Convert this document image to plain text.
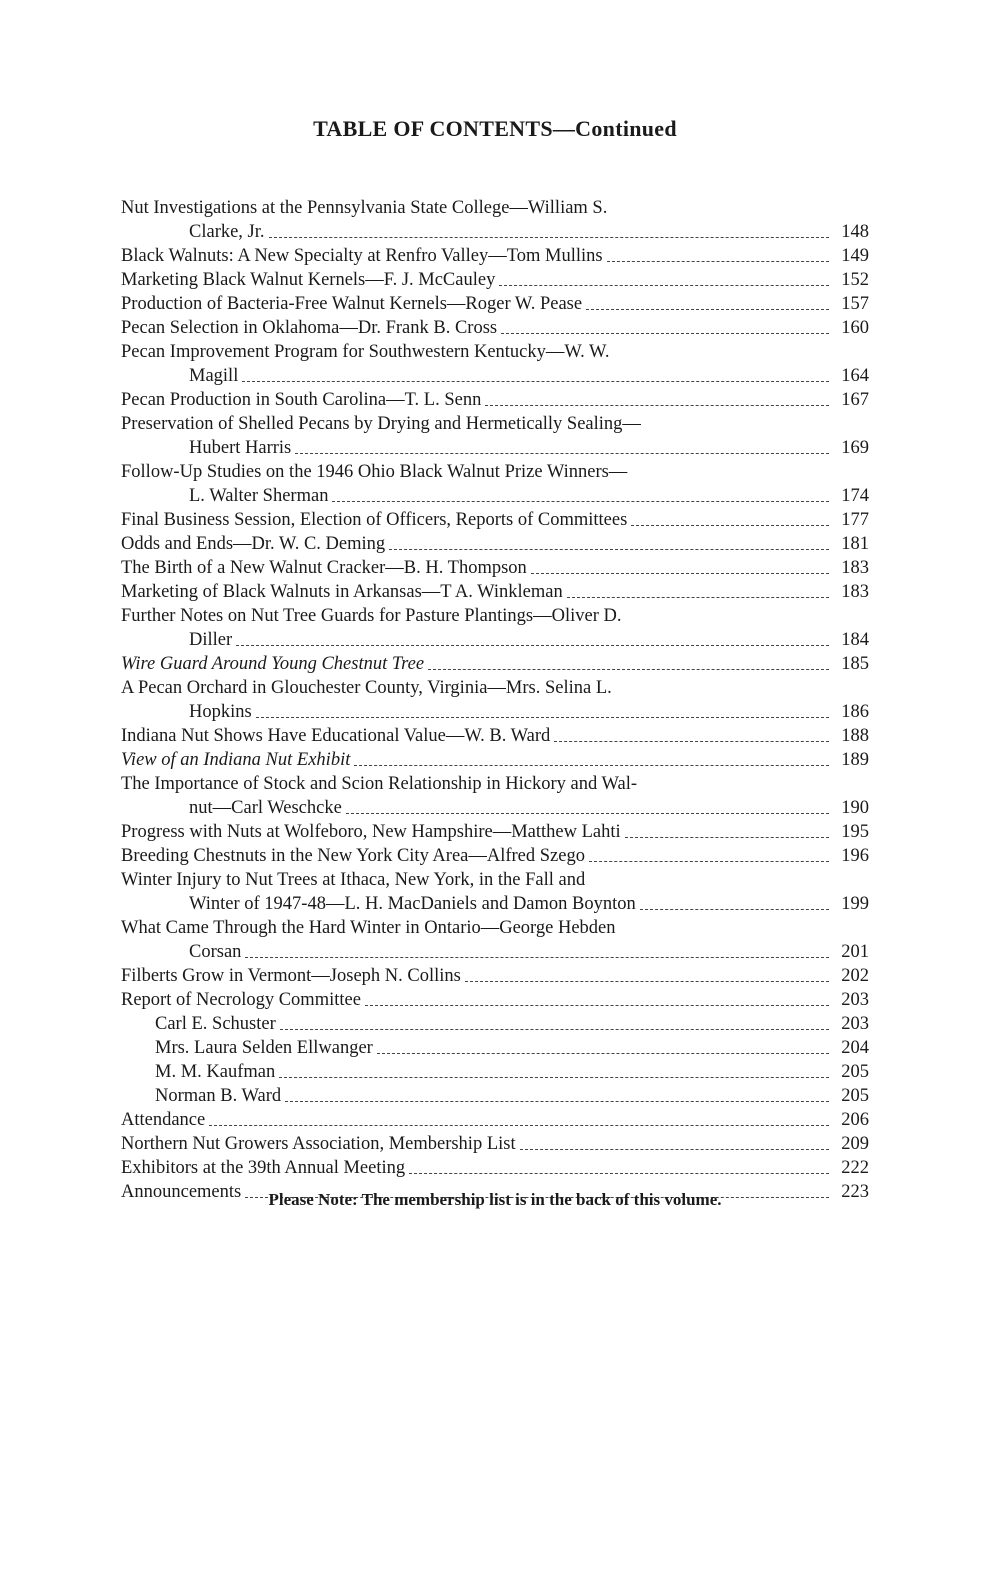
TABLE OF CONTENTS—Continued
Nut Investigations at the Pennsylvania State College—William S.
Clarke, Jr.	148
Black Walnuts: A New Specialty at Renfro Valley—Tom Mullins	149
Marketing Black Walnut Kernels—F. J. McCauley	152
Production of Bacteria-Free Walnut Kernels—Roger W. Pease	157
Pecan Selection in Oklahoma—Dr. Frank B. Cross	160
Pecan Improvement Program for Southwestern Kentucky—W. W.
Magill	164
Pecan Production in South Carolina—T. L. Senn	167
Preservation of Shelled Pecans by Drying and Hermetically Sealing—
Hubert Harris	169
Follow-Up Studies on the 1946 Ohio Black Walnut Prize Winners—
L. Walter Sherman	174
Final Business Session, Election of Officers, Reports of Committees	177
Odds and Ends—Dr. W. C. Deming	181
The Birth of a New Walnut Cracker—B. H. Thompson	183
Marketing of Black Walnuts in Arkansas—T A. Winkleman	183
Further Notes on Nut Tree Guards for Pasture Plantings—Oliver D.
Diller	184
Wire Guard Around Young Chestnut Tree	185
A Pecan Orchard in Glouchester County, Virginia—Mrs. Selina L.
Hopkins	186
Indiana Nut Shows Have Educational Value—W. B. Ward	188
View of an Indiana Nut Exhibit	189
The Importance of Stock and Scion Relationship in Hickory and Wal-
nut—Carl Weschcke	190
Progress with Nuts at Wolfeboro, New Hampshire—Matthew Lahti	195
Breeding Chestnuts in the New York City Area—Alfred Szego	196
Winter Injury to Nut Trees at Ithaca, New York, in the Fall and
Winter of 1947-48—L. H. MacDaniels and Damon Boynton	199
What Came Through the Hard Winter in Ontario—George Hebden
Corsan	201
Filberts Grow in Vermont—Joseph N. Collins	202
Report of Necrology Committee	203
Carl E. Schuster	203
Mrs. Laura Selden Ellwanger	204
M. M. Kaufman	205
Norman B. Ward	205
Attendance	206
Northern Nut Growers Association, Membership List	209
Exhibitors at the 39th Annual Meeting	222
Announcements	223
Please Note: The membership list is in the back of this volume.
